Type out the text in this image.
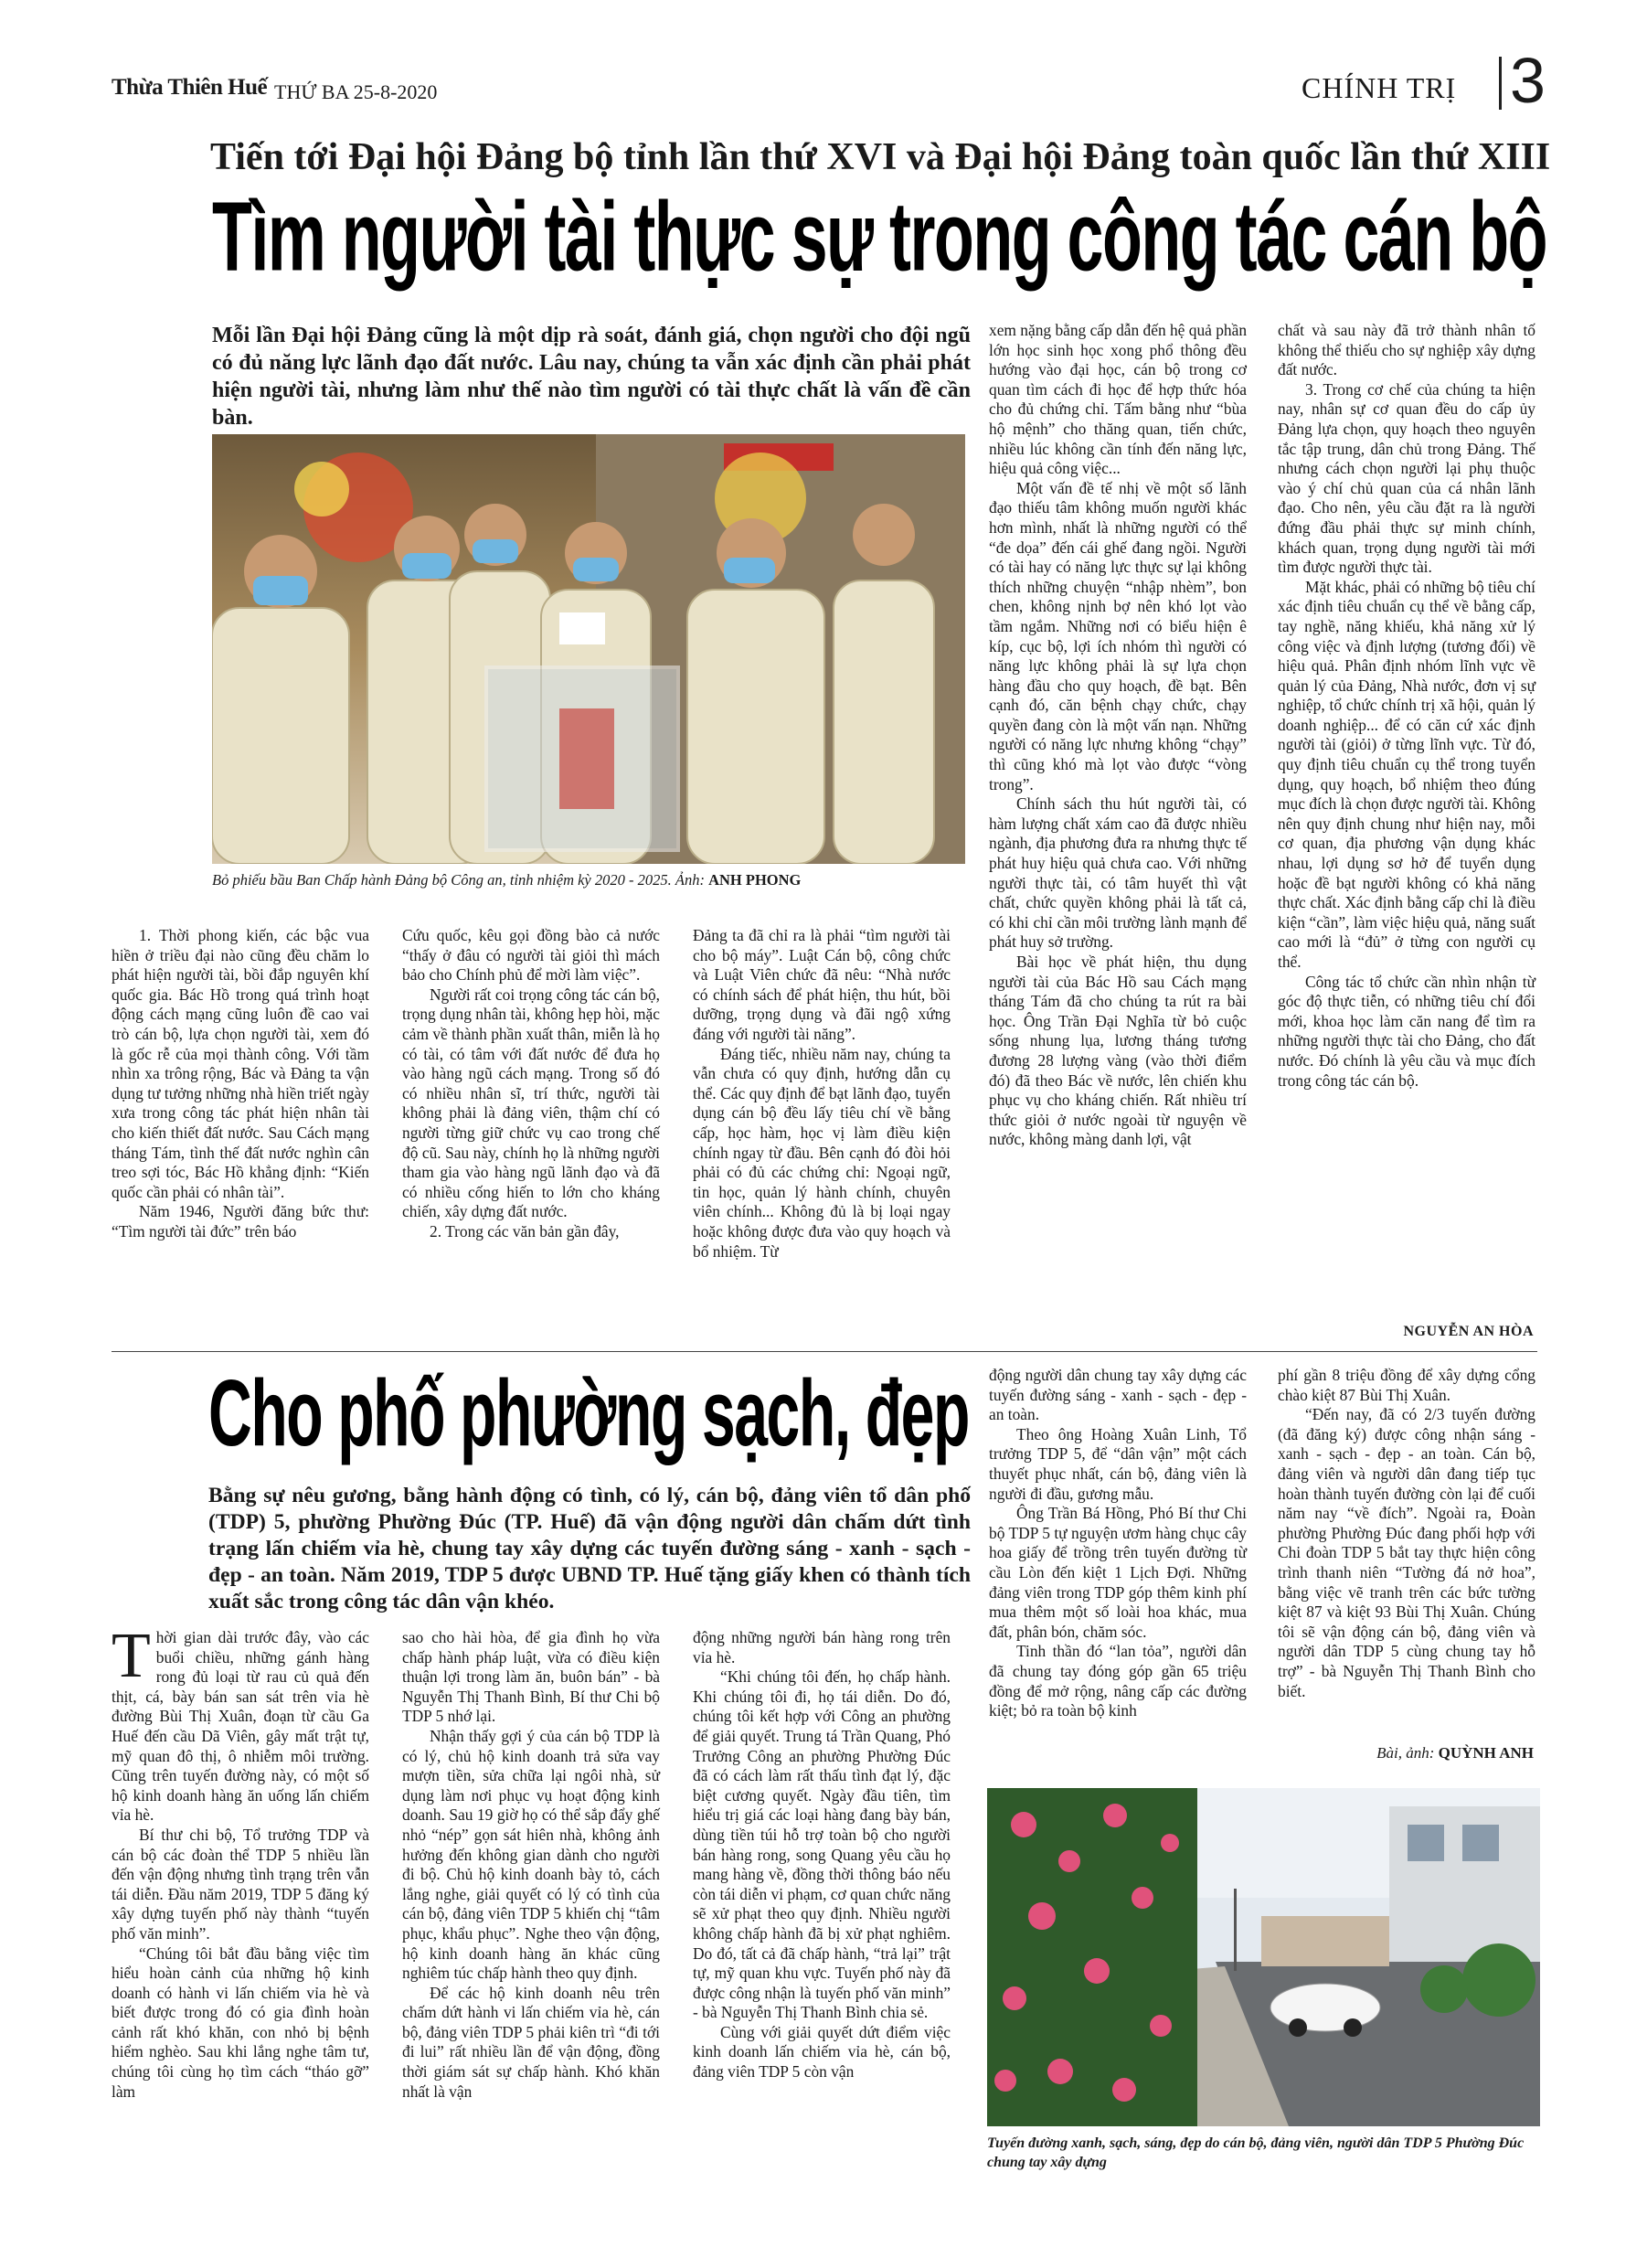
Thừa Thiên Huế THỨ BA 25-8-2020	CHÍNH TRỊ 3
Tiến tới Đại hội Đảng bộ tỉnh lần thứ XVI và Đại hội Đảng toàn quốc lần thứ XIII
Tìm người tài thực sự trong công tác cán bộ
Mỗi lần Đại hội Đảng cũng là một dịp rà soát, đánh giá, chọn người cho đội ngũ có đủ năng lực lãnh đạo đất nước. Lâu nay, chúng ta vẫn xác định cần phải phát hiện người tài, nhưng làm như thế nào tìm người có tài thực chất là vấn đề cần bàn.
Bỏ phiếu bầu Ban Chấp hành Đảng bộ Công an, tỉnh nhiệm kỳ 2020 - 2025. Ảnh: ANH PHONG

1. Thời phong kiến, các bậc vua hiền ở triều đại nào cũng đều chăm lo phát hiện người tài, bồi đắp nguyên khí quốc gia. Bác Hồ trong quá trình hoạt động cách mạng cũng luôn đề cao vai trò cán bộ, lựa chọn người tài, xem đó là gốc rễ của mọi thành công. Với tầm nhìn xa trông rộng, Bác và Đảng ta vận dụng tư tưởng những nhà hiền triết ngày xưa trong công tác phát hiện nhân tài cho kiến thiết đất nước. Sau Cách mạng tháng Tám, tình thế đất nước nghìn cân treo sợi tóc, Bác Hồ khẳng định: “Kiến quốc cần phải có nhân tài”.

Năm 1946, Người đăng bức thư: “Tìm người tài đức” trên báo

Cứu quốc, kêu gọi đồng bào cả nước “thấy ở đâu có người tài giỏi thì mách bảo cho Chính phủ để mời làm việc”.

Người rất coi trọng công tác cán bộ, trọng dụng nhân tài, không hẹp hòi, mặc cảm về thành phần xuất thân, miễn là họ có tài, có tâm với đất nước để đưa họ vào hàng ngũ cách mạng. Trong số đó có nhiều nhân sĩ, trí thức, người tài không phải là đảng viên, thậm chí có người từng giữ chức vụ cao trong chế độ cũ. Sau này, chính họ là những người tham gia vào hàng ngũ lãnh đạo và đã có nhiều cống hiến to lớn cho kháng chiến, xây dựng đất nước.

2. Trong các văn bản gần đây,

Đảng ta đã chỉ ra là phải “tìm người tài cho bộ máy”. Luật Cán bộ, công chức và Luật Viên chức đã nêu: “Nhà nước có chính sách để phát hiện, thu hút, bồi dưỡng, trọng dụng và đãi ngộ xứng đáng với người tài năng”.

Đáng tiếc, nhiều năm nay, chúng ta vẫn chưa có quy định, hướng dẫn cụ thể. Các quy định để bạt lãnh đạo, tuyển dụng cán bộ đều lấy tiêu chí về bằng cấp, học hàm, học vị làm điều kiện chính ngay từ đầu. Bên cạnh đó đòi hỏi phải có đủ các chứng chỉ: Ngoại ngữ, tin học, quản lý hành chính, chuyên viên chính... Không đủ là bị loại ngay hoặc không được đưa vào quy hoạch và bổ nhiệm. Từ

xem nặng bằng cấp dẫn đến hệ quả phần lớn học sinh học xong phổ thông đều hướng vào đại học, cán bộ trong cơ quan tìm cách đi học để hợp thức hóa cho đủ chứng chỉ. Tấm bằng như “bùa hộ mệnh” cho thăng quan, tiến chức, nhiều lúc không cần tính đến năng lực, hiệu quả công việc...

Một vấn đề tế nhị về một số lãnh đạo thiếu tâm không muốn người khác hơn mình, nhất là những người có thể “đe dọa” đến cái ghế đang ngồi. Người có tài hay có năng lực thực sự lại không thích những chuyện “nhập nhèm”, bon chen, không nịnh bợ nên khó lọt vào tầm ngắm. Những nơi có biểu hiện ê kíp, cục bộ, lợi ích nhóm thì người có năng lực không phải là sự lựa chọn hàng đầu cho quy hoạch, đề bạt. Bên cạnh đó, căn bệnh chạy chức, chạy quyền đang còn là một vấn nạn. Những người có năng lực nhưng không “chạy” thì cũng khó mà lọt vào được “vòng trong”.

Chính sách thu hút người tài, có hàm lượng chất xám cao đã được nhiều ngành, địa phương đưa ra nhưng thực tế phát huy hiệu quả chưa cao. Với những người thực tài, có tâm huyết thì vật chất, chức quyền không phải là tất cả, có khi chỉ cần môi trường lành mạnh để phát huy sở trường.

Bài học về phát hiện, thu dụng người tài của Bác Hồ sau Cách mạng tháng Tám đã cho chúng ta rút ra bài học. Ông Trần Đại Nghĩa từ bỏ cuộc sống nhung lụa, lương tháng tương đương 28 lượng vàng (vào thời điểm đó) đã theo Bác về nước, lên chiến khu phục vụ cho kháng chiến. Rất nhiều trí thức giỏi ở nước ngoài từ nguyện về nước, không màng danh lợi, vật

chất và sau này đã trở thành nhân tố không thể thiếu cho sự nghiệp xây dựng đất nước.

3. Trong cơ chế của chúng ta hiện nay, nhân sự cơ quan đều do cấp ủy Đảng lựa chọn, quy hoạch theo nguyên tắc tập trung, dân chủ trong Đảng. Thế nhưng cách chọn người lại phụ thuộc vào ý chí chủ quan của cá nhân lãnh đạo. Cho nên, yêu cầu đặt ra là người đứng đầu phải thực sự minh chính, khách quan, trọng dụng người tài mới tìm được người thực tài.

Mặt khác, phải có những bộ tiêu chí xác định tiêu chuẩn cụ thể về bằng cấp, tay nghề, năng khiếu, khả năng xử lý công việc và định lượng (tương đối) về hiệu quả. Phân định nhóm lĩnh vực về quản lý của Đảng, Nhà nước, đơn vị sự nghiệp, tổ chức chính trị xã hội, quản lý doanh nghiệp... để có căn cứ xác định người tài (giỏi) ở từng lĩnh vực. Từ đó, quy định tiêu chuẩn cụ thể trong tuyển dụng, quy hoạch, bổ nhiệm theo đúng mục đích là chọn được người tài. Không nên quy định chung như hiện nay, mỗi cơ quan, địa phương vận dụng khác nhau, lợi dụng sơ hở để tuyển dụng hoặc đề bạt người không có khả năng thực chất. Xác định bằng cấp chỉ là điều kiện “cần”, làm việc hiệu quả, năng suất cao mới là “đủ” ở từng con người cụ thể.

Công tác tổ chức cần nhìn nhận từ góc độ thực tiễn, có những tiêu chí đổi mới, khoa học làm căn nang để tìm ra những người thực tài cho Đảng, cho đất nước. Đó chính là yêu cầu và mục đích trong công tác cán bộ.

NGUYỄN AN HÒA
Cho phố phường sạch, đẹp
Bằng sự nêu gương, bằng hành động có tình, có lý, cán bộ, đảng viên tổ dân phố (TDP) 5, phường Phường Đúc (TP. Huế) đã vận động người dân chấm dứt tình trạng lấn chiếm vỉa hè, chung tay xây dựng các tuyến đường sáng - xanh - sạch - đẹp - an toàn. Năm 2019, TDP 5 được UBND TP. Huế tặng giấy khen có thành tích xuất sắc trong công tác dân vận khéo.

Thời gian dài trước đây, vào các buổi chiều, những gánh hàng rong đủ loại từ rau củ quả đến thịt, cá, bày bán san sát trên vỉa hè đường Bùi Thị Xuân, đoạn từ cầu Ga Huế đến cầu Dã Viên, gây mất trật tự, mỹ quan đô thị, ô nhiễm môi trường. Cũng trên tuyến đường này, có một số hộ kinh doanh hàng ăn uống lấn chiếm vỉa hè.

Bí thư chi bộ, Tổ trưởng TDP và cán bộ các đoàn thể TDP 5 nhiều lần đến vận động nhưng tình trạng trên vẫn tái diễn. Đầu năm 2019, TDP 5 đăng ký xây dựng tuyến phố này thành “tuyến phố văn minh”.

“Chúng tôi bắt đầu bằng việc tìm hiểu hoàn cảnh của những hộ kinh doanh có hành vi lấn chiếm vỉa hè và biết được trong đó có gia đình hoàn cảnh rất khó khăn, con nhỏ bị bệnh hiểm nghèo. Sau khi lắng nghe tâm tư, chúng tôi cùng họ tìm cách “tháo gỡ” làm

sao cho hài hòa, để gia đình họ vừa chấp hành pháp luật, vừa có điều kiện thuận lợi trong làm ăn, buôn bán” - bà Nguyễn Thị Thanh Bình, Bí thư Chi bộ TDP 5 nhớ lại.

Nhận thấy gợi ý của cán bộ TDP là có lý, chủ hộ kinh doanh trả sửa vay mượn tiền, sửa chữa lại ngôi nhà, sử dụng làm nơi phục vụ hoạt động kinh doanh. Sau 19 giờ họ có thể sắp đẩy ghế nhỏ “nép” gọn sát hiên nhà, không ảnh hưởng đến không gian dành cho người đi bộ. Chủ hộ kinh doanh bày tỏ, cách lắng nghe, giải quyết có lý có tình của cán bộ, đảng viên TDP 5 khiến chị “tâm phục, khẩu phục”. Nghe theo vận động, hộ kinh doanh hàng ăn khác cũng nghiêm túc chấp hành theo quy định.

Để các hộ kinh doanh nêu trên chấm dứt hành vi lấn chiếm vỉa hè, cán bộ, đảng viên TDP 5 phải kiên trì “đi tới đi lui” rất nhiều lần để vận động, đồng thời giám sát sự chấp hành. Khó khăn nhất là vận

động những người bán hàng rong trên vỉa hè.

“Khi chúng tôi đến, họ chấp hành. Khi chúng tôi đi, họ tái diễn. Do đó, chúng tôi kết hợp với Công an phường để giải quyết. Trung tá Trần Quang, Phó Trưởng Công an phường Phường Đúc đã có cách làm rất thấu tình đạt lý, đặc biệt cương quyết. Ngày đầu tiên, tìm hiểu trị giá các loại hàng đang bày bán, dùng tiền túi hỗ trợ toàn bộ cho người bán hàng rong, song Quang yêu cầu họ mang hàng về, đồng thời thông báo nếu còn tái diễn vi phạm, cơ quan chức năng sẽ xử phạt theo quy định. Nhiều người không chấp hành đã bị xử phạt nghiêm. Do đó, tất cả đã chấp hành, “trả lại” trật tự, mỹ quan khu vực. Tuyến phố này đã được công nhận là tuyến phố văn minh” - bà Nguyễn Thị Thanh Bình chia sẻ.

Cùng với giải quyết dứt điểm việc kinh doanh lấn chiếm vỉa hè, cán bộ, đảng viên TDP 5 còn vận

động người dân chung tay xây dựng các tuyến đường sáng - xanh - sạch - đẹp - an toàn.

Theo ông Hoàng Xuân Linh, Tổ trưởng TDP 5, để “dân vận” một cách thuyết phục nhất, cán bộ, đảng viên là người đi đầu, gương mẫu.

Ông Trần Bá Hồng, Phó Bí thư Chi bộ TDP 5 tự nguyện ươm hàng chục cây hoa giấy để trồng trên tuyến đường từ cầu Lòn đến kiệt 1 Lịch Đợi. Những đảng viên trong TDP góp thêm kinh phí mua thêm một số loài hoa khác, mua đất, phân bón, chăm sóc.

Tinh thần đó “lan tỏa”, người dân đã chung tay đóng góp gần 65 triệu đồng để mở rộng, nâng cấp các đường kiệt; bỏ ra toàn bộ kinh

phí gần 8 triệu đồng để xây dựng cổng chào kiệt 87 Bùi Thị Xuân.

“Đến nay, đã có 2/3 tuyến đường (đã đăng ký) được công nhận sáng - xanh - sạch - đẹp - an toàn. Cán bộ, đảng viên và người dân đang tiếp tục hoàn thành tuyến đường còn lại để cuối năm nay “về đích”. Ngoài ra, Đoàn phường Phường Đúc đang phối hợp với Chi đoàn TDP 5 bắt tay thực hiện công trình thanh niên “Tường đá nở hoa”, bằng việc vẽ tranh trên các bức tường kiệt 87 và kiệt 93 Bùi Thị Xuân. Chúng tôi sẽ vận động cán bộ, đảng viên và người dân TDP 5 cùng chung tay hỗ trợ” - bà Nguyễn Thị Thanh Bình cho biết.

Bài, ảnh: QUỲNH ANH
Tuyến đường xanh, sạch, sáng, đẹp do cán bộ, đảng viên, người dân TDP 5 Phường Đúc chung tay xây dựng
